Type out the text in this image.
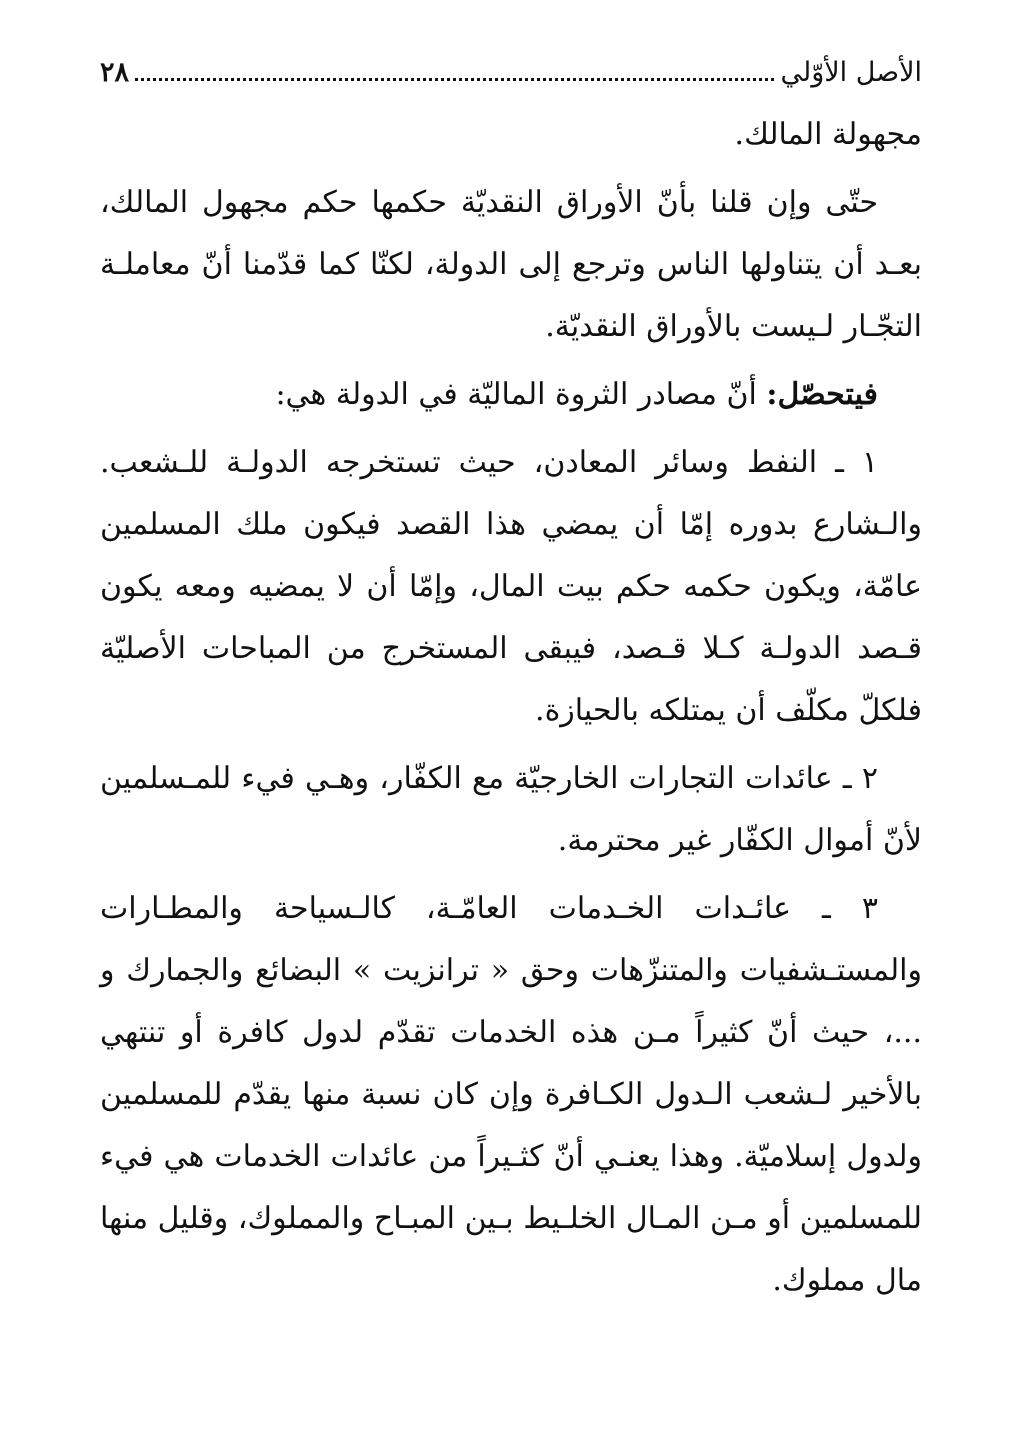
الأصل الأوّلي
٢٨

مجهولة المالك.

حتّى وإن قلنا بأنّ الأوراق النقديّة حكمها حكم مجهول المالك، بعـد أن يتناولها الناس وترجع إلى الدولة، لكنّا كما قدّمنا أنّ معاملـة التجّـار لـيست بالأوراق النقديّة.

فيتحصّل: أنّ مصادر الثروة الماليّة في الدولة هي:

١ ـ النفط وسائر المعادن، حيث تستخرجه الدولـة للـشعب. والـشارع بدوره إمّا أن يمضي هذا القصد فيكون ملك المسلمين عامّة، ويكون حكمه حكم بيت المال، وإمّا أن لا يمضيه ومعه يكون قـصد الدولـة كـلا قـصد، فيبقى المستخرج من المباحات الأصليّة فلكلّ مكلّف أن يمتلكه بالحيازة.

٢ ـ عائدات التجارات الخارجيّة مع الكفّار، وهـي فيء للمـسلمين لأنّ أموال الكفّار غير محترمة.

٣ ـ عائـدات الخـدمات العامّـة، كالـسياحة والمطـارات والمستـشفيات والمتنزّهات وحق « ترانزيت » البضائع والجمارك و ...، حيث أنّ كثيراً مـن هذه الخدمات تقدّم لدول كافرة أو تنتهي بالأخير لـشعب الـدول الكـافرة وإن كان نسبة منها يقدّم للمسلمين ولدول إسلاميّة. وهذا يعنـي أنّ كثـيراً من عائدات الخدمات هي فيء للمسلمين أو مـن المـال الخلـيط بـين المبـاح والمملوك، وقليل منها مال مملوك.
